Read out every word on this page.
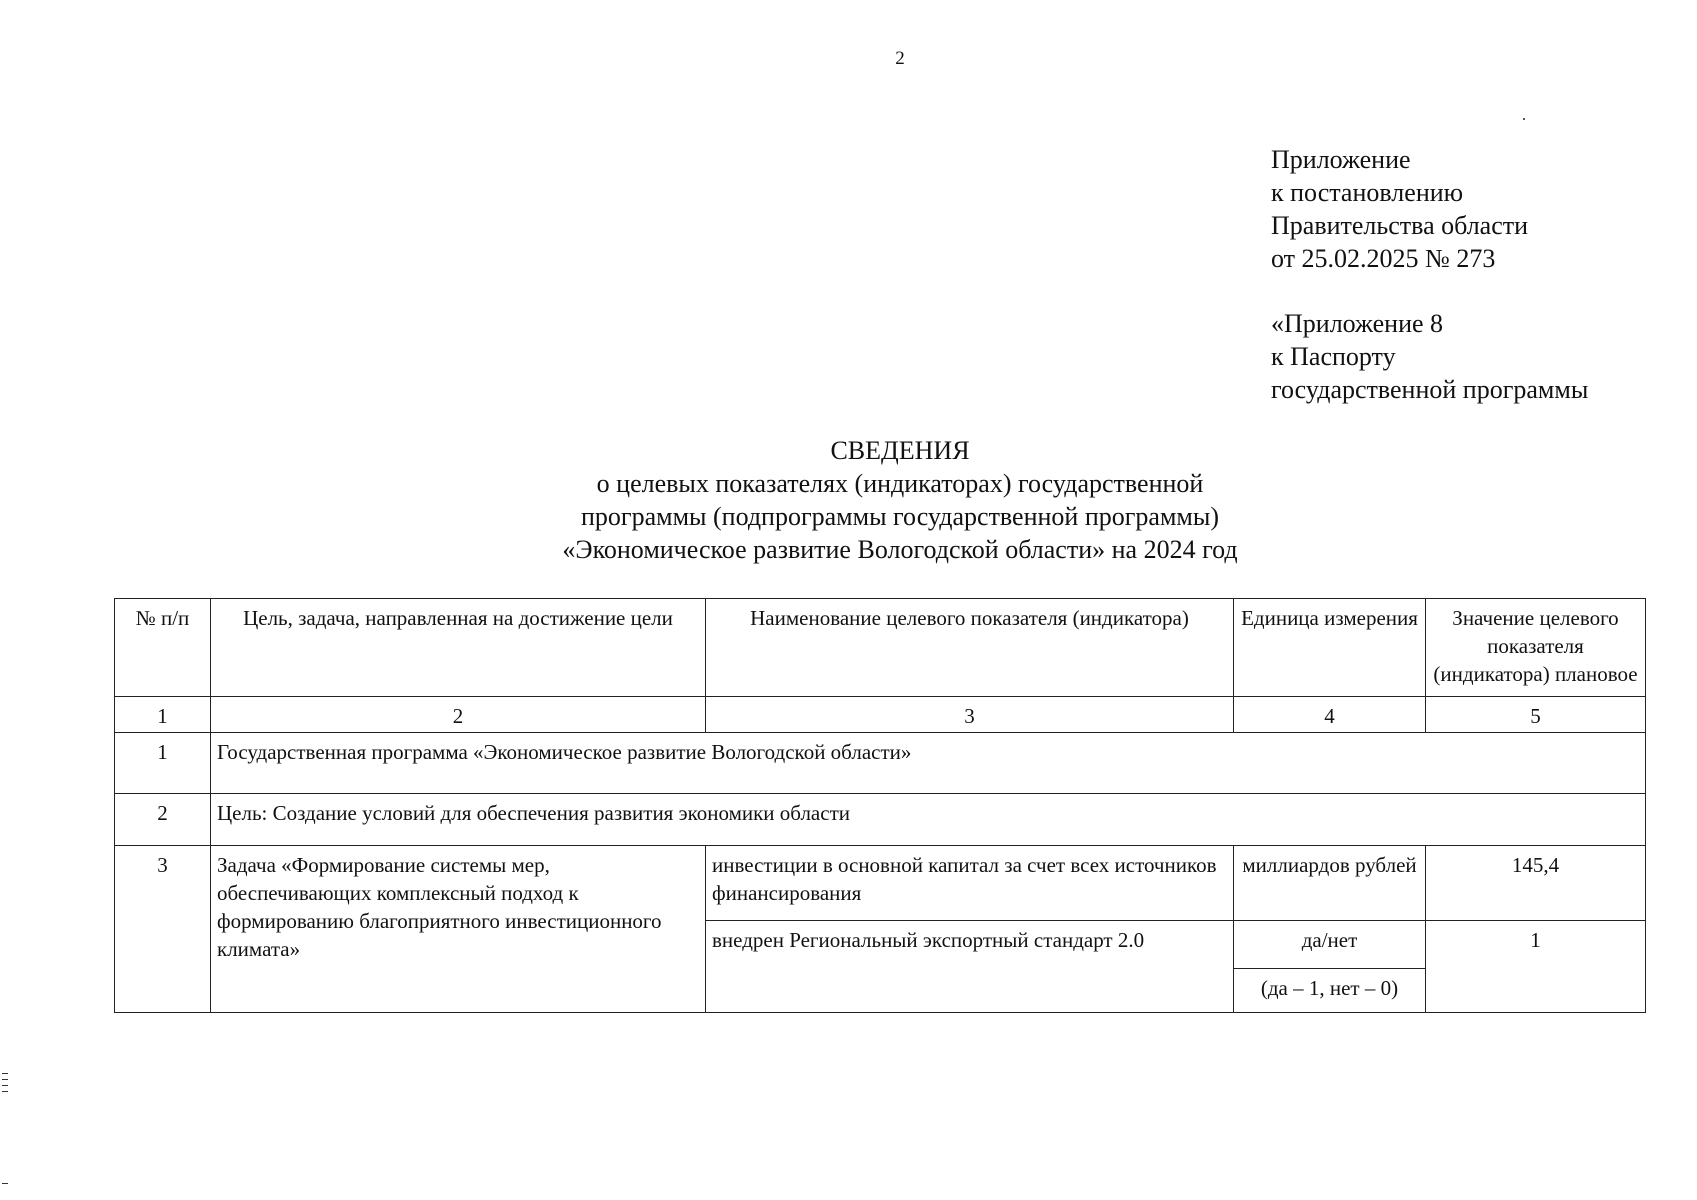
2
Приложение
к постановлению
Правительства области
от 25.02.2025 № 273
«Приложение 8
к Паспорту
государственной программы
СВЕДЕНИЯ
о целевых показателях (индикаторах) государственной
программы (подпрограммы государственной программы)
«Экономическое развитие Вологодской области» на 2024 год
№ п/п	Цель, задача, направленная на достижение цели	Наименование целевого показателя (индикатора)	Единица измерения	Значение целевого показателя (индикатора) плановое
1	2	3	4	5
1	Государственная программа «Экономическое развитие Вологодской области»			
2	Цель: Создание условий для обеспечения развития экономики области			
3	Задача «Формирование системы мер, обеспечивающих комплексный подход к формированию благоприятного инвестиционного климата»	инвестиции в основной капитал за счет всех источников финансирования	миллиардов рублей	145,4
		внедрен Региональный экспортный стандарт 2.0	да/нет	1
			(да – 1, нет – 0)	
